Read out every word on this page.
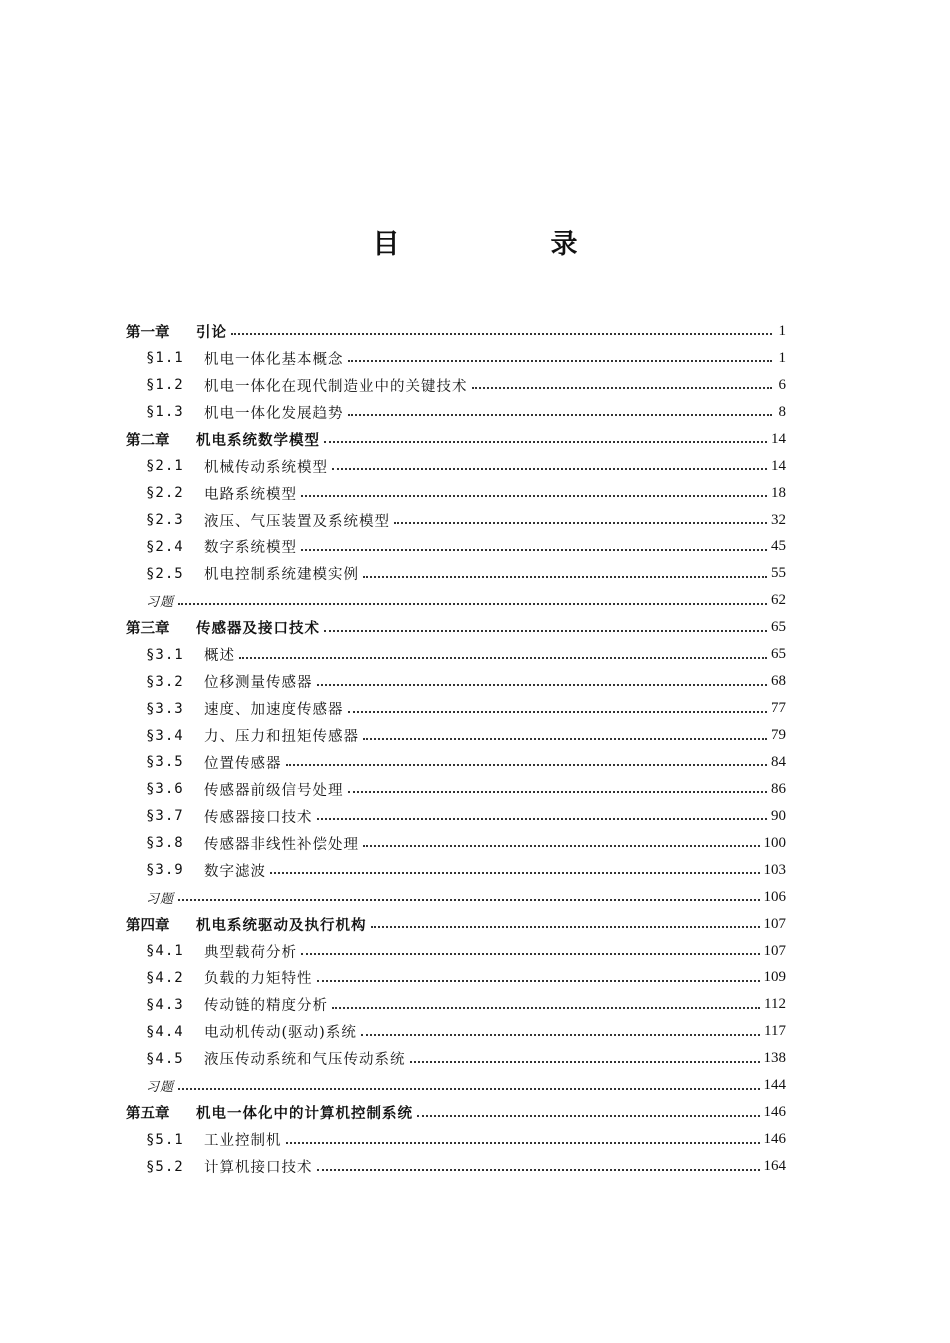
目　录
第一章	引论	1
§1.1	机电一体化基本概念	1
§1.2	机电一体化在现代制造业中的关键技术	6
§1.3	机电一体化发展趋势	8
第二章	机电系统数学模型	14
§2.1	机械传动系统模型	14
§2.2	电路系统模型	18
§2.3	液压、气压装置及系统模型	32
§2.4	数字系统模型	45
§2.5	机电控制系统建模实例	55
习题	62
第三章	传感器及接口技术	65
§3.1	概述	65
§3.2	位移测量传感器	68
§3.3	速度、加速度传感器	77
§3.4	力、压力和扭矩传感器	79
§3.5	位置传感器	84
§3.6	传感器前级信号处理	86
§3.7	传感器接口技术	90
§3.8	传感器非线性补偿处理	100
§3.9	数字滤波	103
习题	106
第四章	机电系统驱动及执行机构	107
§4.1	典型载荷分析	107
§4.2	负载的力矩特性	109
§4.3	传动链的精度分析	112
§4.4	电动机传动(驱动)系统	117
§4.5	液压传动系统和气压传动系统	138
习题	144
第五章	机电一体化中的计算机控制系统	146
§5.1	工业控制机	146
§5.2	计算机接口技术	164
